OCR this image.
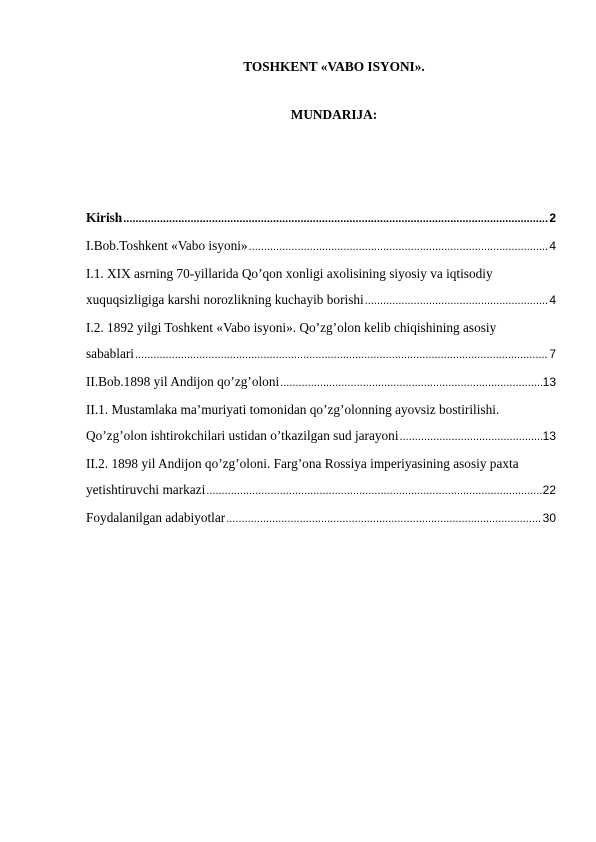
TOSHKENT «VABO ISYONI».
MUNDARIJA:
Kirish .....	2
I.Bob.Toshkent «Vabo isyoni» .....	4
I.1. XIX asrning 70-yillarida Qo’qon xonligi axolisining siyosiy va iqtisodiy
xuquqsizligiga karshi norozlikning kuchayib borishi .....	4
I.2. 1892 yilgi Toshkent «Vabo isyoni». Qo’zg’olon kelib chiqishining asosiy
sabablari .....	7
II.Bob.1898 yil Andijon qo’zg’oloni .....	13
II.1. Mustamlaka ma’muriyati tomonidan qo’zg’olonning ayovsiz bostirilishi.
Qo’zg’olon ishtirokchilari ustidan o’tkazilgan sud jarayoni .....	13
II.2. 1898 yil Andijon qo’zg’oloni. Farg’ona Rossiya imperiyasining asosiy paxta
yetishtiruvchi markazi .....	22
Foydalanilgan adabiyotlar .....	30
